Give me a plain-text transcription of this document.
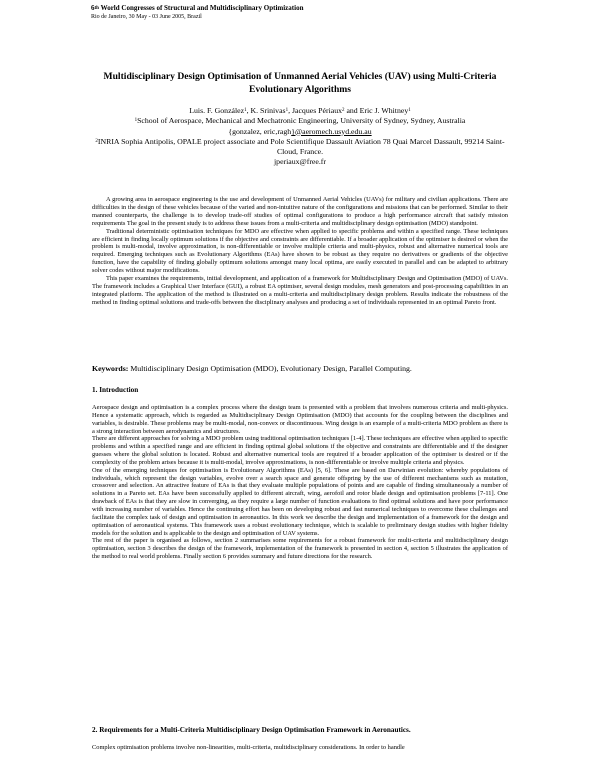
6th World Congresses of Structural and Multidisciplinary Optimization
Rio de Janeiro, 30 May - 03 June 2005, Brazil
Multidisciplinary Design Optimisation of Unmanned Aerial Vehicles (UAV) using Multi-Criteria Evolutionary Algorithms
Luis. F. González$^1$, K. Srinivas$^1$, Jacques Périaux$^2$ and Eric J. Whitney$^1$
$^1$School of Aerospace, Mechanical and Mechatronic Engineering, University of Sydney, Sydney, Australia
{gonzalez, eric,ragh}@aeromech.usyd.edu.au
$^2$INRIA Sophia Antipolis, OPALE project associate and Pole Scientifique Dassault Aviation 78 Quai Marcel Dassault, 99214 Saint-Cloud, France.
jperiaux@free.fr

A growing area in aerospace engineering is the use and development of Unmanned Aerial Vehicles (UAVs) for military and civilian applications. There are difficulties in the design of these vehicles because of the varied and non-intuitive nature of the configurations and missions that can be performed. Similar to their manned counterparts, the challenge is to develop trade-off studies of optimal configurations to produce a high performance aircraft that satisfy mission requirements The goal in the present study is to address these issues from a multi-criteria and multidisciplinary design optimisation (MDO) standpoint.

Traditional deterministic optimisation techniques for MDO are effective when applied to specific problems and within a specified range. These techniques are efficient in finding locally optimum solutions if the objective and constraints are differentiable. If a broader application of the optimiser is desired or when the problem is multi-modal, involve approximation, is non-differentiable or involve multiple criteria and multi-physics, robust and alternative numerical tools are required. Emerging techniques such as Evolutionary Algorithms (EAs) have shown to be robust as they require no derivatives or gradients of the objective function, have the capability of finding globally optimum solutions amongst many local optima, are easily executed in parallel and can be adapted to arbitrary solver codes without major modifications.

This paper examines the requirements, initial development, and application of a framework for Multidisciplinary Design and Optimisation (MDO) of UAVs. The framework includes a Graphical User Interface (GUI), a robust EA optimiser, several design modules, mesh generators and post-processing capabilities in an integrated platform. The application of the method is illustrated on a multi-criteria and multidisciplinary design problem. Results indicate the robustness of the method in finding optimal solutions and trade-offs between the disciplinary analyses and producing a set of individuals represented in an optimal Pareto front.

Keywords: Multidisciplinary Design Optimisation (MDO), Evolutionary Design, Parallel Computing.
1. Introduction

Aerospace design and optimisation is a complex process where the design team is presented with a problem that involves numerous criteria and multi-physics. Hence a systematic approach, which is regarded as Multidisciplinary Design Optimisation (MDO) that accounts for the coupling between the disciplines and variables, is desirable. These problems may be multi-modal, non-convex or discontinuous. Wing design is an example of a multi-criteria MDO problem as there is a strong interaction between aerodynamics and structures.

There are different approaches for solving a MDO problem using traditional optimisation techniques [1-4]. These techniques are effective when applied to specific problems and within a specified range and are efficient in finding optimal global solutions if the objective and constraints are differentiable and if the designer guesses where the global solution is located. Robust and alternative numerical tools are required if a broader application of the optimiser is desired or if the complexity of the problem arises because it is multi-modal, involve approximations, is non-differentiable or involve multiple criteria and physics.

One of the emerging techniques for optimisation is Evolutionary Algorithms (EAs) [5, 6]. These are based on Darwinian evolution: whereby populations of individuals, which represent the design variables, evolve over a search space and generate offspring by the use of different mechanisms such as mutation, crossover and selection. An attractive feature of EAs is that they evaluate multiple populations of points and are capable of finding simultaneously a number of solutions in a Pareto set. EAs have been successfully applied to different aircraft, wing, aerofoil and rotor blade design and optimisation problems [7-11]. One drawback of EAs is that they are slow in converging, as they require a large number of function evaluations to find optimal solutions and have poor performance with increasing number of variables. Hence the continuing effort has been on developing robust and fast numerical techniques to overcome these challenges and facilitate the complex task of design and optimisation in aeronautics. In this work we describe the design and implementation of a framework for the design and optimisation of aeronautical systems. This framework uses a robust evolutionary technique, which is scalable to preliminary design studies with higher fidelity models for the solution and is applicable to the design and optimisation of UAV systems.

The rest of the paper is organised as follows, section 2 summarises some requirements for a robust framework for multi-criteria and multidisciplinary design optimisation, section 3 describes the design of the framework, implementation of the framework is presented in section 4, section 5 illustrates the application of the method to real world problems. Finally section 6 provides summary and future directions for the research.

2. Requirements for a Multi-Criteria Multidisciplinary Design Optimisation Framework in Aeronautics.

Complex optimisation problems involve non-linearities, multi-criteria, multidisciplinary considerations. In order to handle
